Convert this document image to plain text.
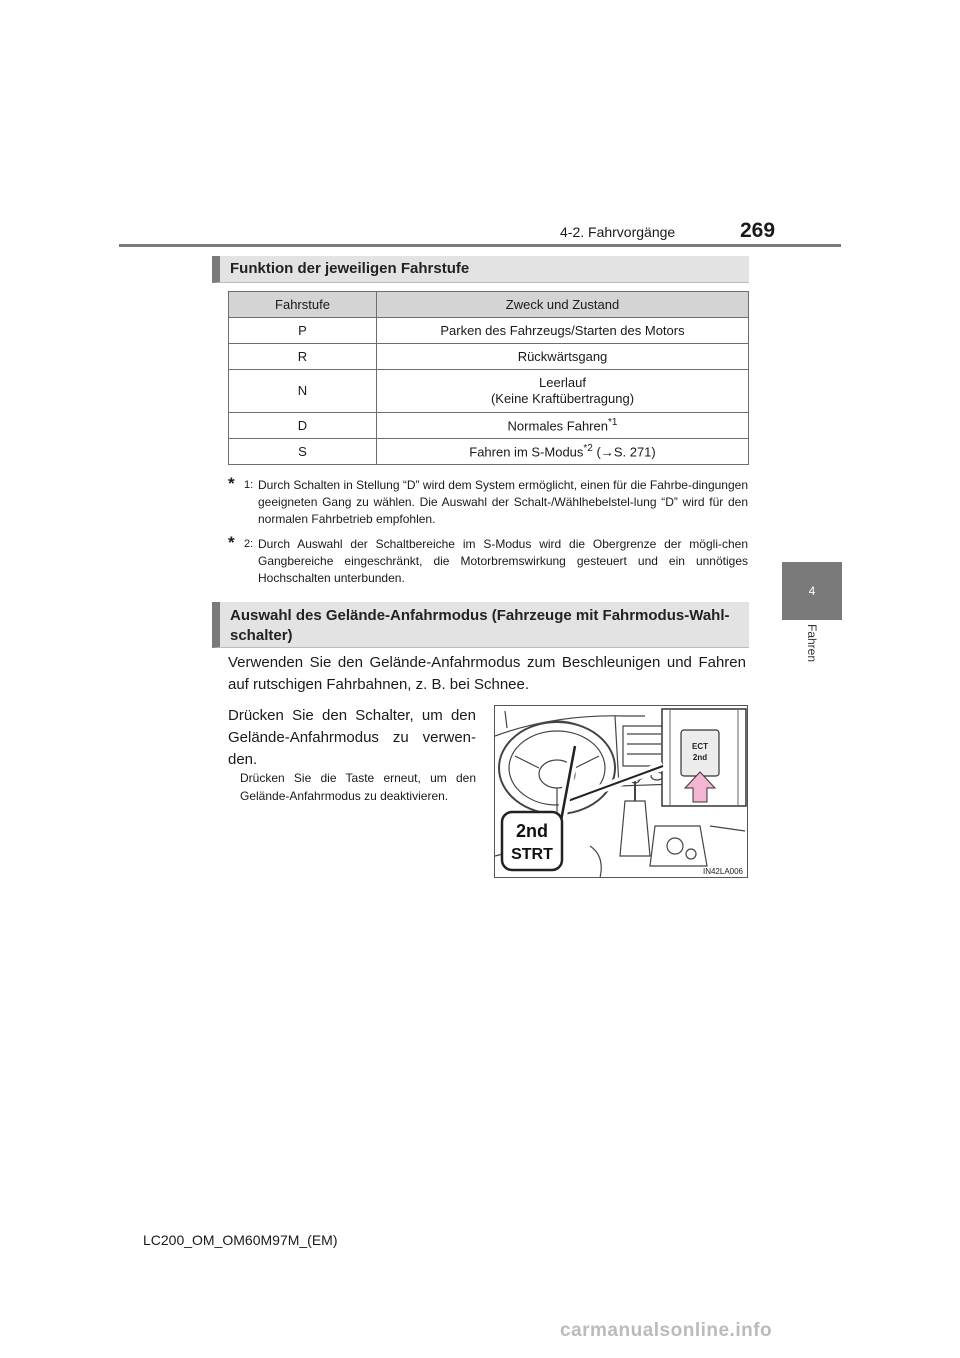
4-2. Fahrvorgänge	269
4
Fahren
Funktion der jeweiligen Fahrstufe
Fahrstufe	Zweck und Zustand
P	Parken des Fahrzeugs/Starten des Motors
R	Rückwärtsgang
N	Leerlauf
(Keine Kraftübertragung)
D	Normales Fahren$^{*1}$
S	Fahren im S-Modus$^{*2}$ (→S. 271)
* 1: Durch Schalten in Stellung “D” wird dem System ermöglicht, einen für die Fahrbe-dingungen geeigneten Gang zu wählen. Die Auswahl der Schalt-/Wählhebelstel-lung “D” wird für den normalen Fahrbetrieb empfohlen.
* 2: Durch Auswahl der Schaltbereiche im S-Modus wird die Obergrenze der mögli-chen Gangbereiche eingeschränkt, die Motorbremswirkung gesteuert und ein unnötiges Hochschalten unterbunden.
Auswahl des Gelände-Anfahrmodus (Fahrzeuge mit Fahrmodus-Wahl-schalter)
Verwenden Sie den Gelände-Anfahrmodus zum Beschleunigen und Fahren auf rutschigen Fahrbahnen, z. B. bei Schnee.
Drücken Sie den Schalter, um den Gelände-Anfahrmodus zu verwen-den.
Drücken Sie die Taste erneut, um den Gelände-Anfahrmodus zu deaktivieren.
ECT
2nd
2nd
STRT
IN42LA006
LC200_OM_OM60M97M_(EM)
carmanualsonline.info
